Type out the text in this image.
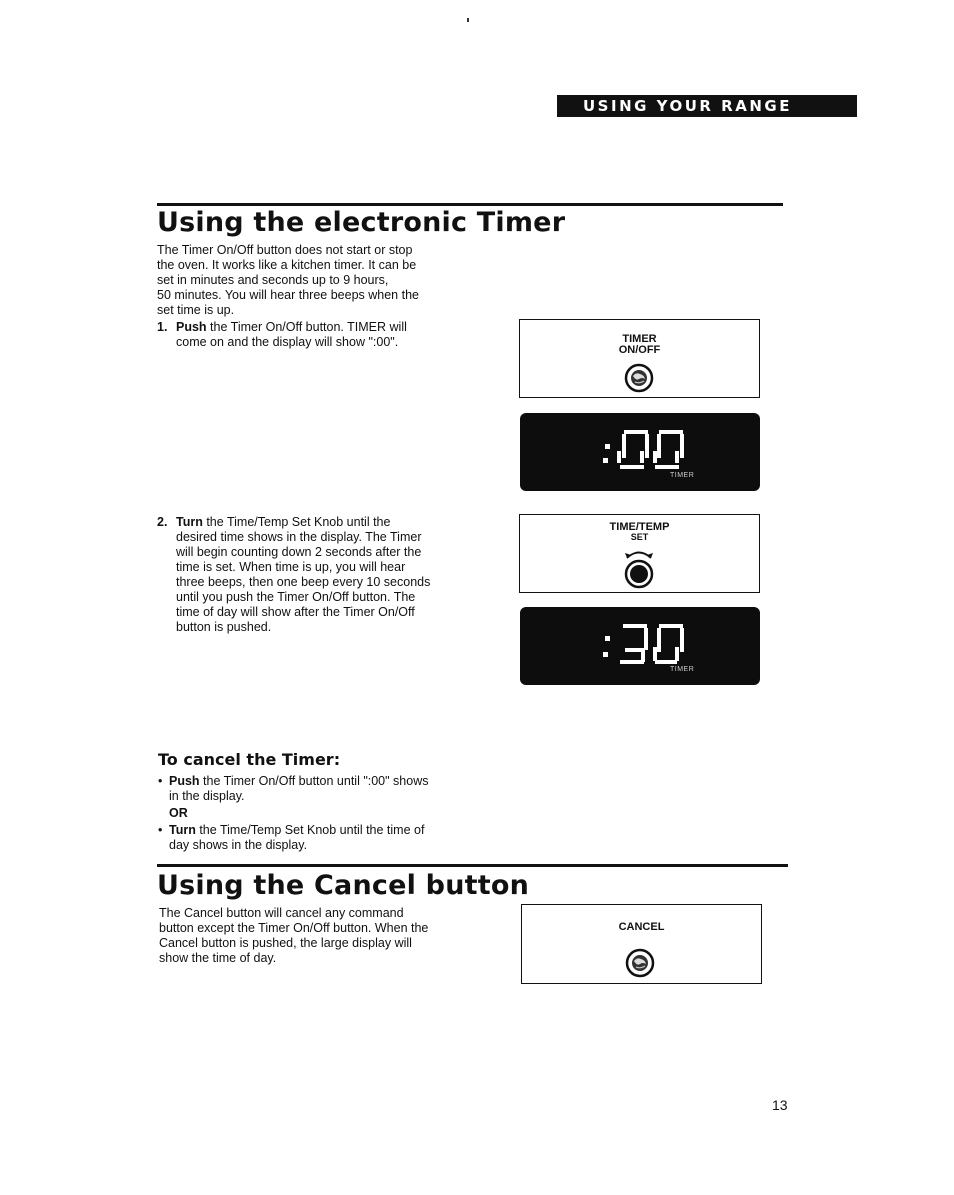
USING YOUR RANGE
Using the electronic Timer

The Timer On/Off button does not start or stop

the oven. It works like a kitchen timer. It can be

set in minutes and seconds up to 9 hours,

50 minutes. You will hear three beeps when the

set time is up.

1. Push the Timer On/Off button. TIMER will

come on and the display will show ":00".	TIMER
ON/OFF
TIMER
2. Turn the Time/Temp Set Knob until the

desired time shows in the display. The Timer

will begin counting down 2 seconds after the

time is set. When time is up, you will hear

three beeps, then one beep every 10 seconds

until you push the Timer On/Off button. The

time of day will show after the Timer On/Off

button is pushed.

TIME/TEMP
SET
TIMER
To cancel the Timer:

• Push the Timer On/Off button until ":00" shows

in the display.

OR

• Turn the Time/Temp Set Knob until the time of

day shows in the display.

Using the Cancel button

The Cancel button will cancel any command

button except the Timer On/Off button. When the

Cancel button is pushed, the large display will

show the time of day.

CANCEL
13
